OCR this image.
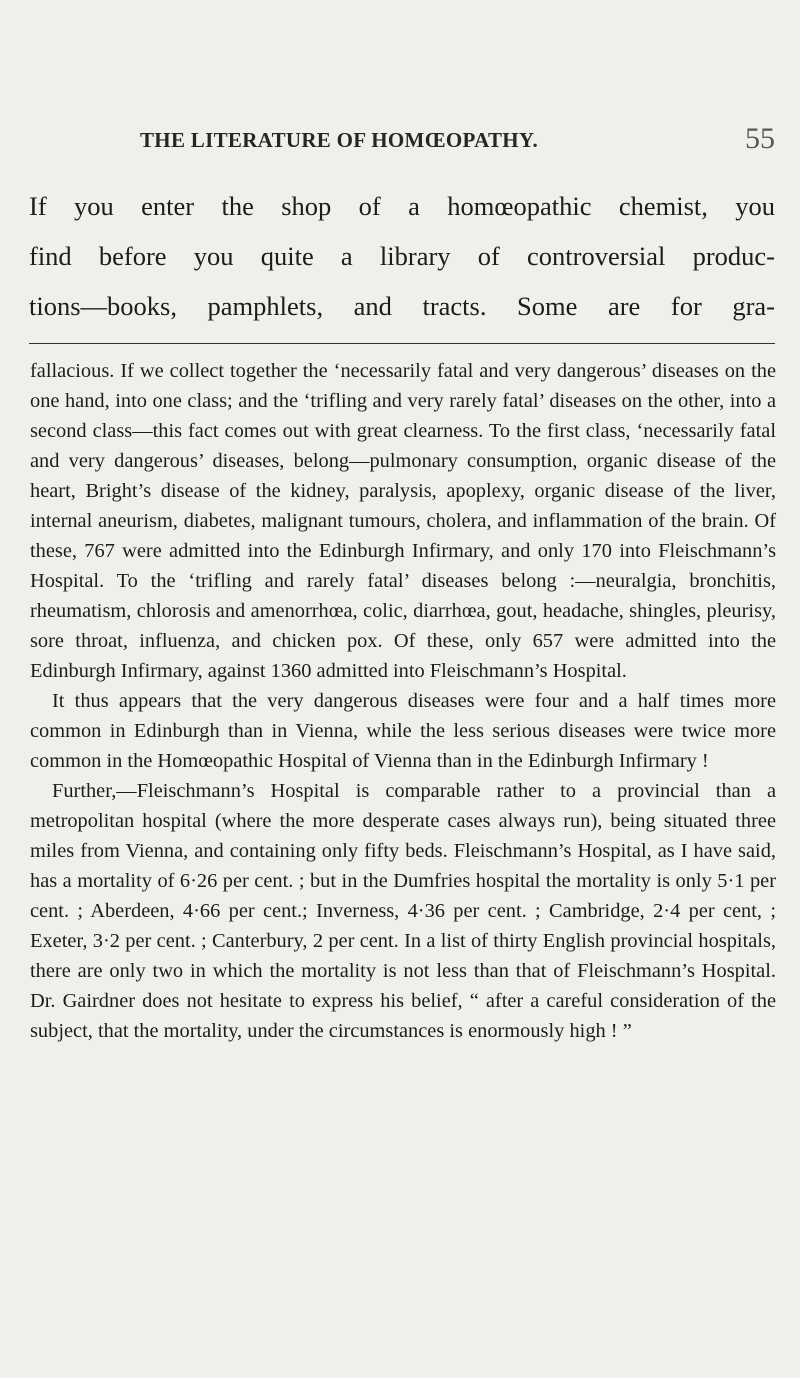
THE LITERATURE OF HOMŒOPATHY.	55
If you enter the shop of a homœopathic chemist, you
find before you quite a library of controversial produc-
tions—books, pamphlets, and tracts. Some are for gra-

fallacious. If we collect together the ‘necessarily fatal and very dangerous’ diseases on the one hand, into one class; and the ‘trifling and very rarely fatal’ diseases on the other, into a second class—this fact comes out with great clearness. To the first class, ‘necessarily fatal and very dangerous’ diseases, belong—pulmonary consumption, organic disease of the heart, Bright’s disease of the kidney, paralysis, apoplexy, organic disease of the liver, internal aneurism, diabetes, malignant tumours, cholera, and inflammation of the brain. Of these, 767 were admitted into the Edinburgh Infirmary, and only 170 into Fleischmann’s Hospital. To the ‘trifling and rarely fatal’ diseases belong :—neuralgia, bronchitis, rheumatism, chlorosis and amenorrhœa, colic, diarrhœa, gout, headache, shingles, pleurisy, sore throat, influenza, and chicken pox. Of these, only 657 were admitted into the Edinburgh Infirmary, against 1360 admitted into Fleischmann’s Hospital.

It thus appears that the very dangerous diseases were four and a half times more common in Edinburgh than in Vienna, while the less serious diseases were twice more common in the Homœopathic Hospital of Vienna than in the Edinburgh Infirmary !

Further,—Fleischmann’s Hospital is comparable rather to a provincial than a metropolitan hospital (where the more desperate cases always run), being situated three miles from Vienna, and containing only fifty beds. Fleischmann’s Hospital, as I have said, has a mortality of 6·26 per cent. ; but in the Dumfries hospital the mortality is only 5·1 per cent. ; Aberdeen, 4·66 per cent.; Inverness, 4·36 per cent. ; Cambridge, 2·4 per cent, ; Exeter, 3·2 per cent. ; Canterbury, 2 per cent. In a list of thirty English provincial hospitals, there are only two in which the mortality is not less than that of Fleischmann’s Hospital. Dr. Gairdner does not hesitate to express his belief, “ after a careful consideration of the subject, that the mortality, under the circumstances is enormously high ! ”
